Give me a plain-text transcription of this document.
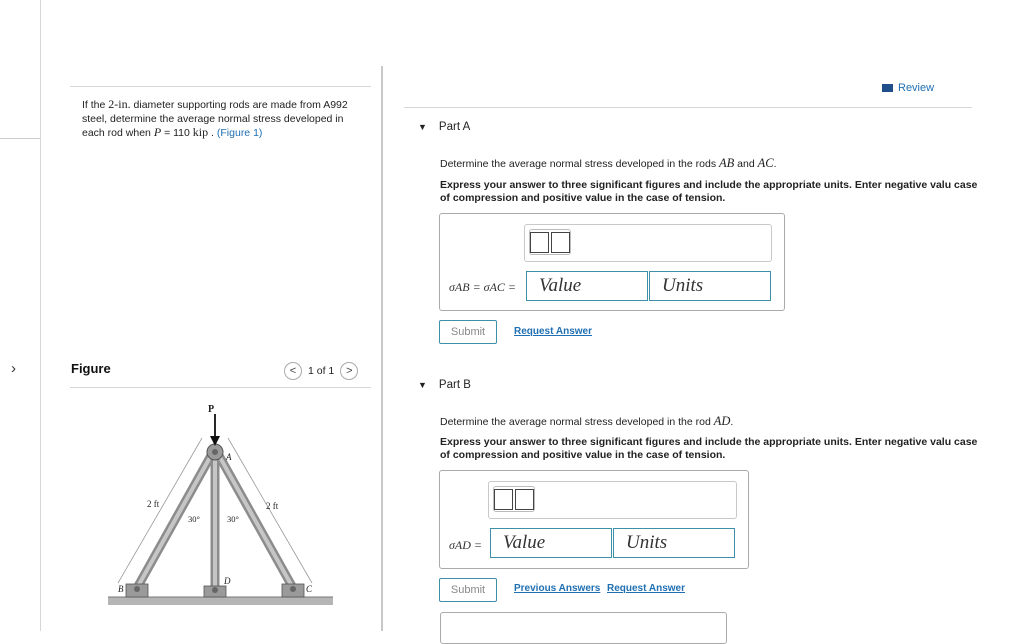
›
If the 2-in. diameter supporting rods are made from A992 steel, determine the average normal stress developed in each rod when P = 110 kip . (Figure 1)
Figure	<	1 of 1	>
P
A
B	C
D
2 ft	2 ft
30°	30°
Review
▼ Part A
Determine the average normal stress developed in the rods AB and AC.
Express your answer to three significant figures and include the appropriate units. Enter negative valu case of compression and positive value in the case of tension.
σAB = σAC =	Value	Units
Submit	Request Answer
▼ Part B
Determine the average normal stress developed in the rod AD.
Express your answer to three significant figures and include the appropriate units. Enter negative valu case of compression and positive value in the case of tension.
σAD =	Value	Units
Submit	Previous Answers Request Answer
